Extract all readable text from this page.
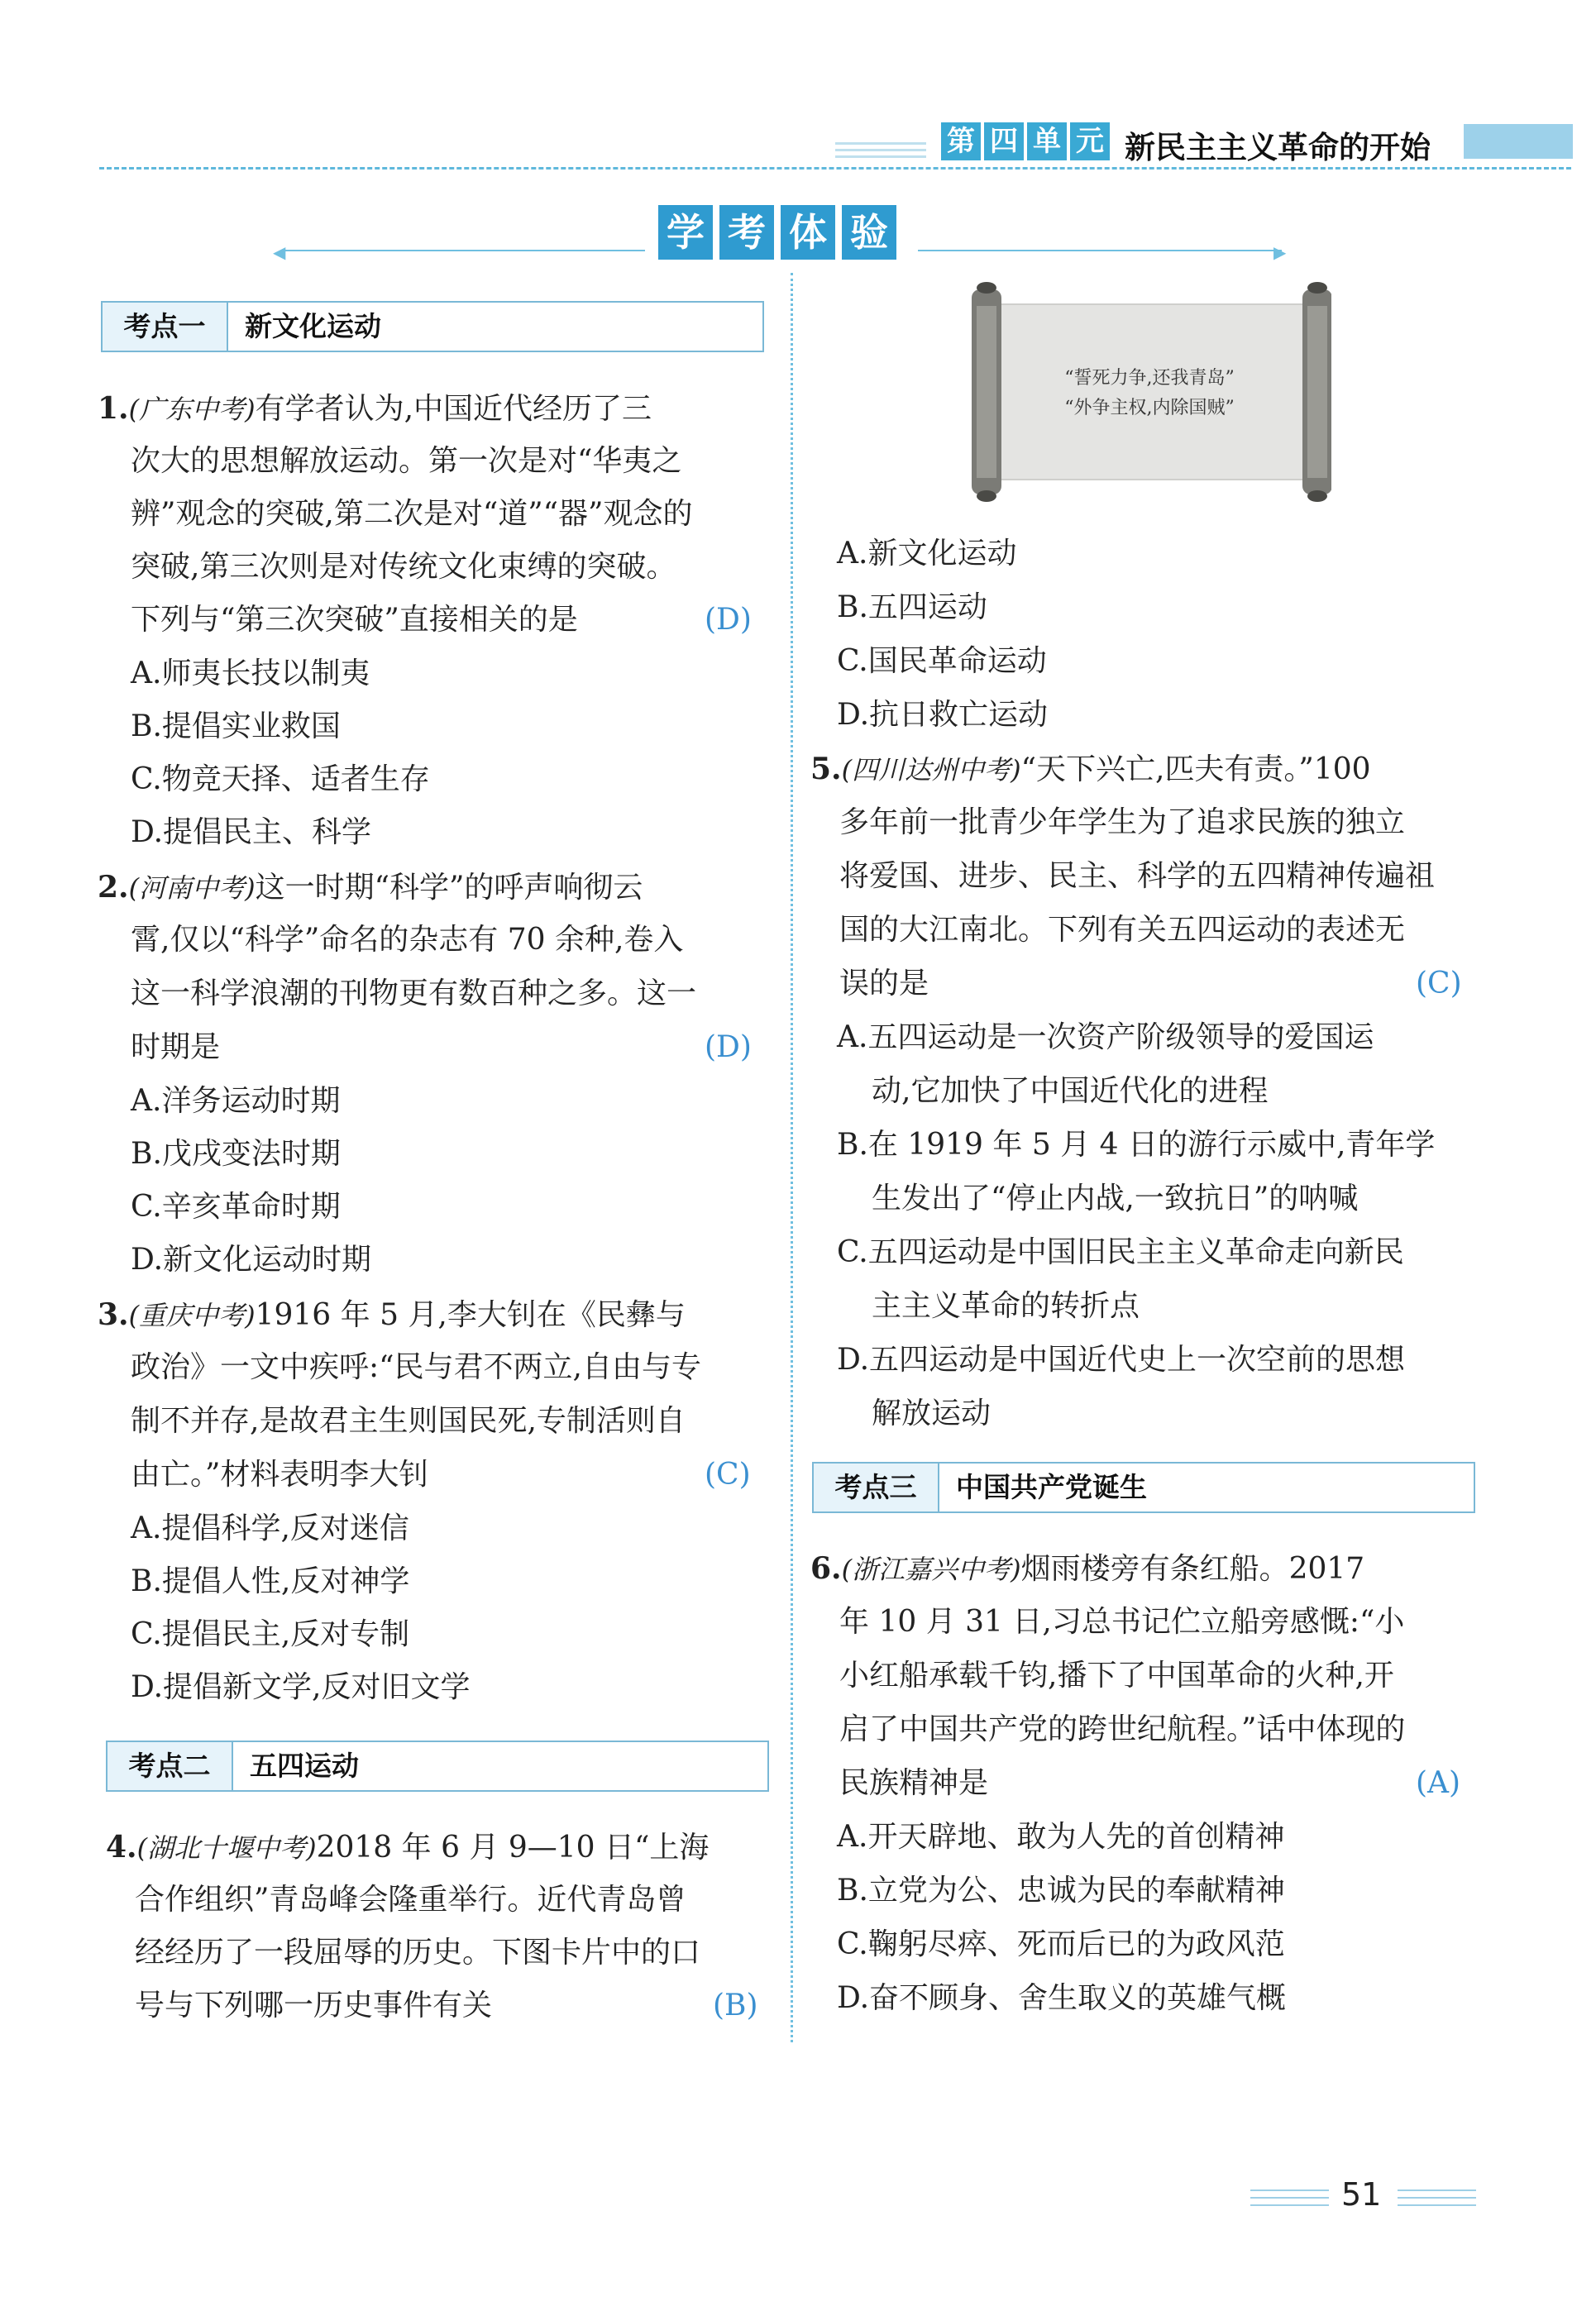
第 四 单 元 新民主主义革命的开始
◀	▶
学 考 体 验
考点一	新文化运动
1.(广东中考)有学者认为,中国近代经历了三
次大的思想解放运动。第一次是对“华夷之
辨”观念的突破,第二次是对“道”“器”观念的
突破,第三次则是对传统文化束缚的突破。
下列与“第三次突破”直接相关的是	(D)
A.师夷长技以制夷
B.提倡实业救国
C.物竞天择、适者生存
D.提倡民主、科学
2.(河南中考)这一时期“科学”的呼声响彻云
霄,仅以“科学”命名的杂志有 70 余种,卷入
这一科学浪潮的刊物更有数百种之多。这一
时期是	(D)
A.洋务运动时期
B.戊戌变法时期
C.辛亥革命时期
D.新文化运动时期
3.(重庆中考)1916 年 5 月,李大钊在《民彝与
政治》一文中疾呼:“民与君不两立,自由与专
制不并存,是故君主生则国民死,专制活则自
由亡。”材料表明李大钊	(C)
A.提倡科学,反对迷信
B.提倡人性,反对神学
C.提倡民主,反对专制
D.提倡新文学,反对旧文学
考点二	五四运动
4.(湖北十堰中考)2018 年 6 月 9—10 日“上海
合作组织”青岛峰会隆重举行。近代青岛曾
经经历了一段屈辱的历史。下图卡片中的口
号与下列哪一历史事件有关	(B)
“誓死力争,还我青岛”
“外争主权,内除国贼”
A.新文化运动
B.五四运动
C.国民革命运动
D.抗日救亡运动
5.(四川达州中考)“天下兴亡,匹夫有责。”100
多年前一批青少年学生为了追求民族的独立
将爱国、进步、民主、科学的五四精神传遍祖
国的大江南北。下列有关五四运动的表述无
误的是	(C)
A.五四运动是一次资产阶级领导的爱国运
动,它加快了中国近代化的进程
B.在 1919 年 5 月 4 日的游行示威中,青年学
生发出了“停止内战,一致抗日”的呐喊
C.五四运动是中国旧民主主义革命走向新民
主主义革命的转折点
D.五四运动是中国近代史上一次空前的思想
解放运动
考点三	中国共产党诞生
6.(浙江嘉兴中考)烟雨楼旁有条红船。2017
年 10 月 31 日,习总书记伫立船旁感慨:“小
小红船承载千钧,播下了中国革命的火种,开
启了中国共产党的跨世纪航程。”话中体现的
民族精神是	(A)
A.开天辟地、敢为人先的首创精神
B.立党为公、忠诚为民的奉献精神
C.鞠躬尽瘁、死而后已的为政风范
D.奋不顾身、舍生取义的英雄气概
51
